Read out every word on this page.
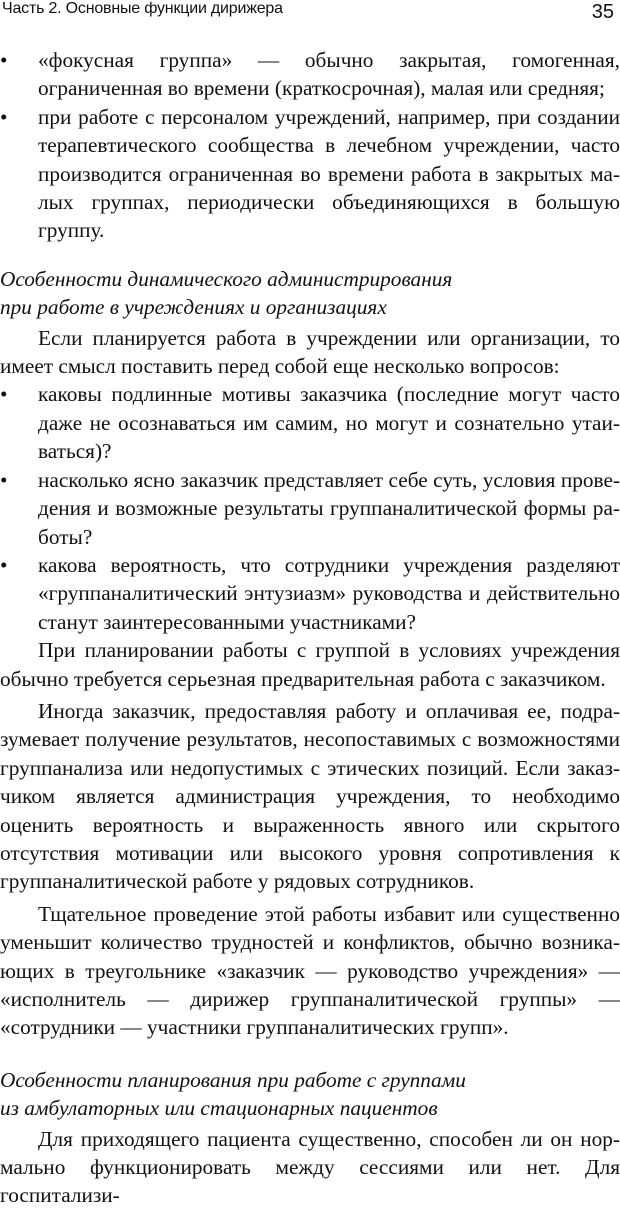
Часть 2. Основные функции дирижера	35

•	«фокусная группа» — обычно закрытая, гомогенная, ограниченная во времени (краткосрочная), малая или средняя;

•	при работе с персоналом учреждений, например, при создании терапевтического сообщества в лечебном учреждении, часто производится ограниченная во времени работа в закрытых малых группах, периодически объединяющихся в большую группу.

Особенности динамического администрирования

при работе в учреждениях и организациях

Если планируется работа в учреждении или организации, то имеет смысл поставить перед собой еще несколько вопросов:

•	каковы подлинные мотивы заказчика (последние могут часто даже не осознаваться им самим, но могут и сознательно утаиваться)?

•	насколько ясно заказчик представляет себе суть, условия проведения и возможные результаты группаналитической формы работы?

•	какова вероятность, что сотрудники учреждения разделяют «группаналитический энтузиазм» руководства и действительно станут заинтересованными участниками?

При планировании работы с группой в условиях учреждения обычно требуется серьезная предварительная работа с заказчиком.

Иногда заказчик, предоставляя работу и оплачивая ее, подразумевает получение результатов, несопоставимых с возможностями группанализа или недопустимых с этических позиций. Если заказчиком является администрация учреждения, то необходимо оценить вероятность и выраженность явного или скрытого отсутствия мотивации или высокого уровня сопротивления к группаналитической работе у рядовых сотрудников.

Тщательное проведение этой работы избавит или существенно уменьшит количество трудностей и конфликтов, обычно возникающих в треугольнике «заказчик — руководство учреждения» — «исполнитель — дирижер группаналитической группы» — «сотрудники — участники группаналитических групп».

Особенности планирования при работе с группами

из амбулаторных или стационарных пациентов

Для приходящего пациента существенно, способен ли он нормально функционировать между сессиями или нет. Для госпитализи-
